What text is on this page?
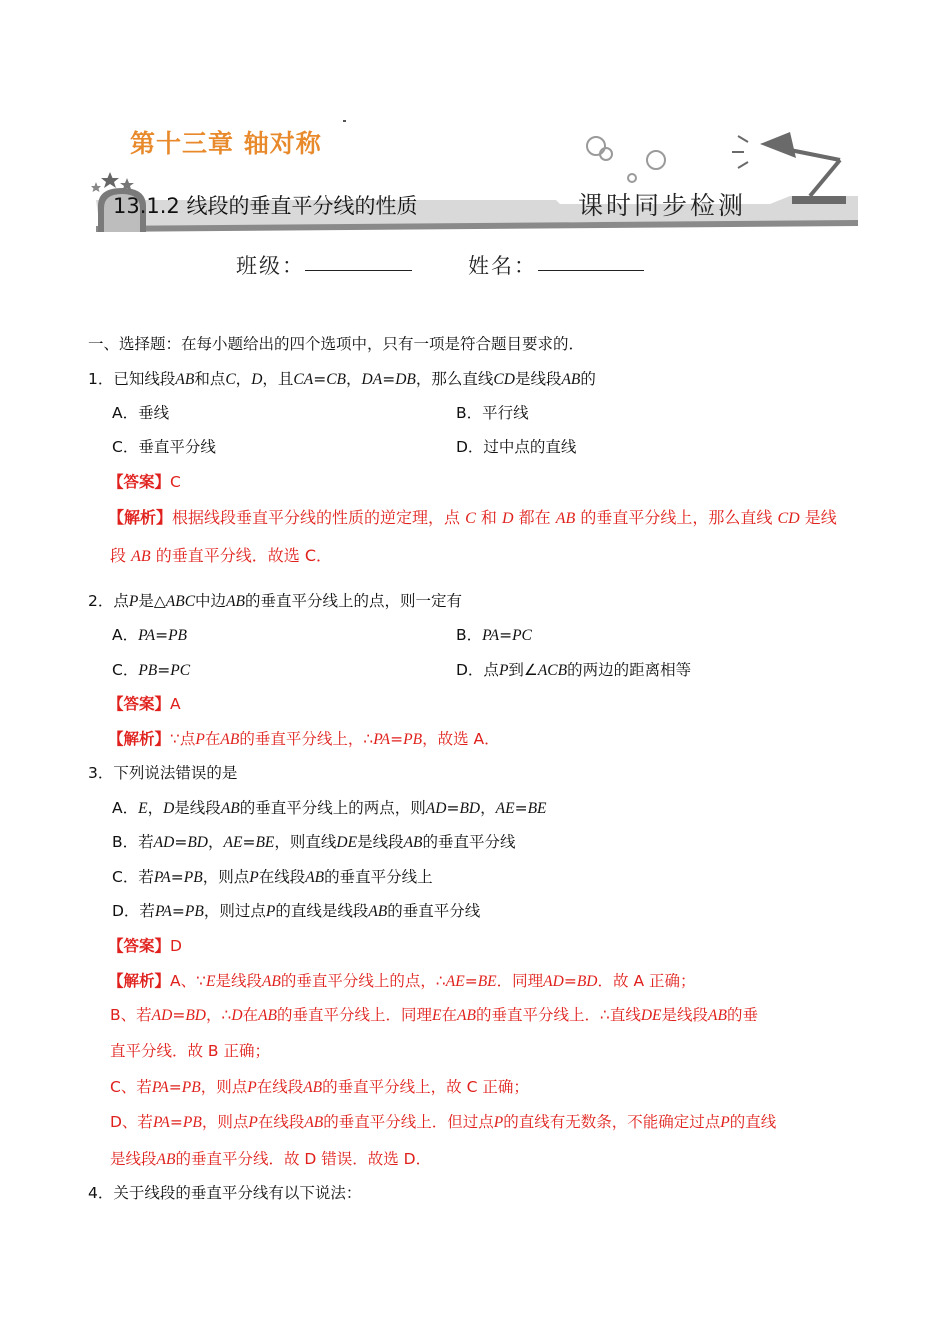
第十三章 轴对称
13.1.2 线段的垂直平分线的性质	课时同步检测
班级：	姓名：
一、选择题：在每小题给出的四个选项中，只有一项是符合题目要求的．
1．已知线段AB和点C，D，且CA=CB，DA=DB，那么直线CD是线段AB的
A．垂线	B．平行线
C．垂直平分线	D．过中点的直线
【答案】C
【解析】根据线段垂直平分线的性质的逆定理，点 C 和 D 都在 AB 的垂直平分线上，那么直线 CD 是线
段 AB 的垂直平分线．故选 C．
2．点P是△ABC中边AB的垂直平分线上的点，则一定有
A．PA=PB	B．PA=PC
C．PB=PC	D．点P到∠ACB的两边的距离相等
【答案】A
【解析】∵点P在AB的垂直平分线上，∴PA=PB，故选 A．
3．下列说法错误的是
A．E，D是线段AB的垂直平分线上的两点，则AD=BD，AE=BE
B．若AD=BD，AE=BE，则直线DE是线段AB的垂直平分线
C．若PA=PB，则点P在线段AB的垂直平分线上
D．若PA=PB，则过点P的直线是线段AB的垂直平分线
【答案】D
【解析】A、∵E是线段AB的垂直平分线上的点，∴AE=BE．同理AD=BD．故 A 正确；
B、若AD=BD，∴D在AB的垂直平分线上．同理E在AB的垂直平分线上．∴直线DE是线段AB的垂
直平分线．故 B 正确；
C、若PA=PB，则点P在线段AB的垂直平分线上，故 C 正确；
D、若PA=PB，则点P在线段AB的垂直平分线上．但过点P的直线有无数条，不能确定过点P的直线
是线段AB的垂直平分线．故 D 错误．故选 D．
4．关于线段的垂直平分线有以下说法：
